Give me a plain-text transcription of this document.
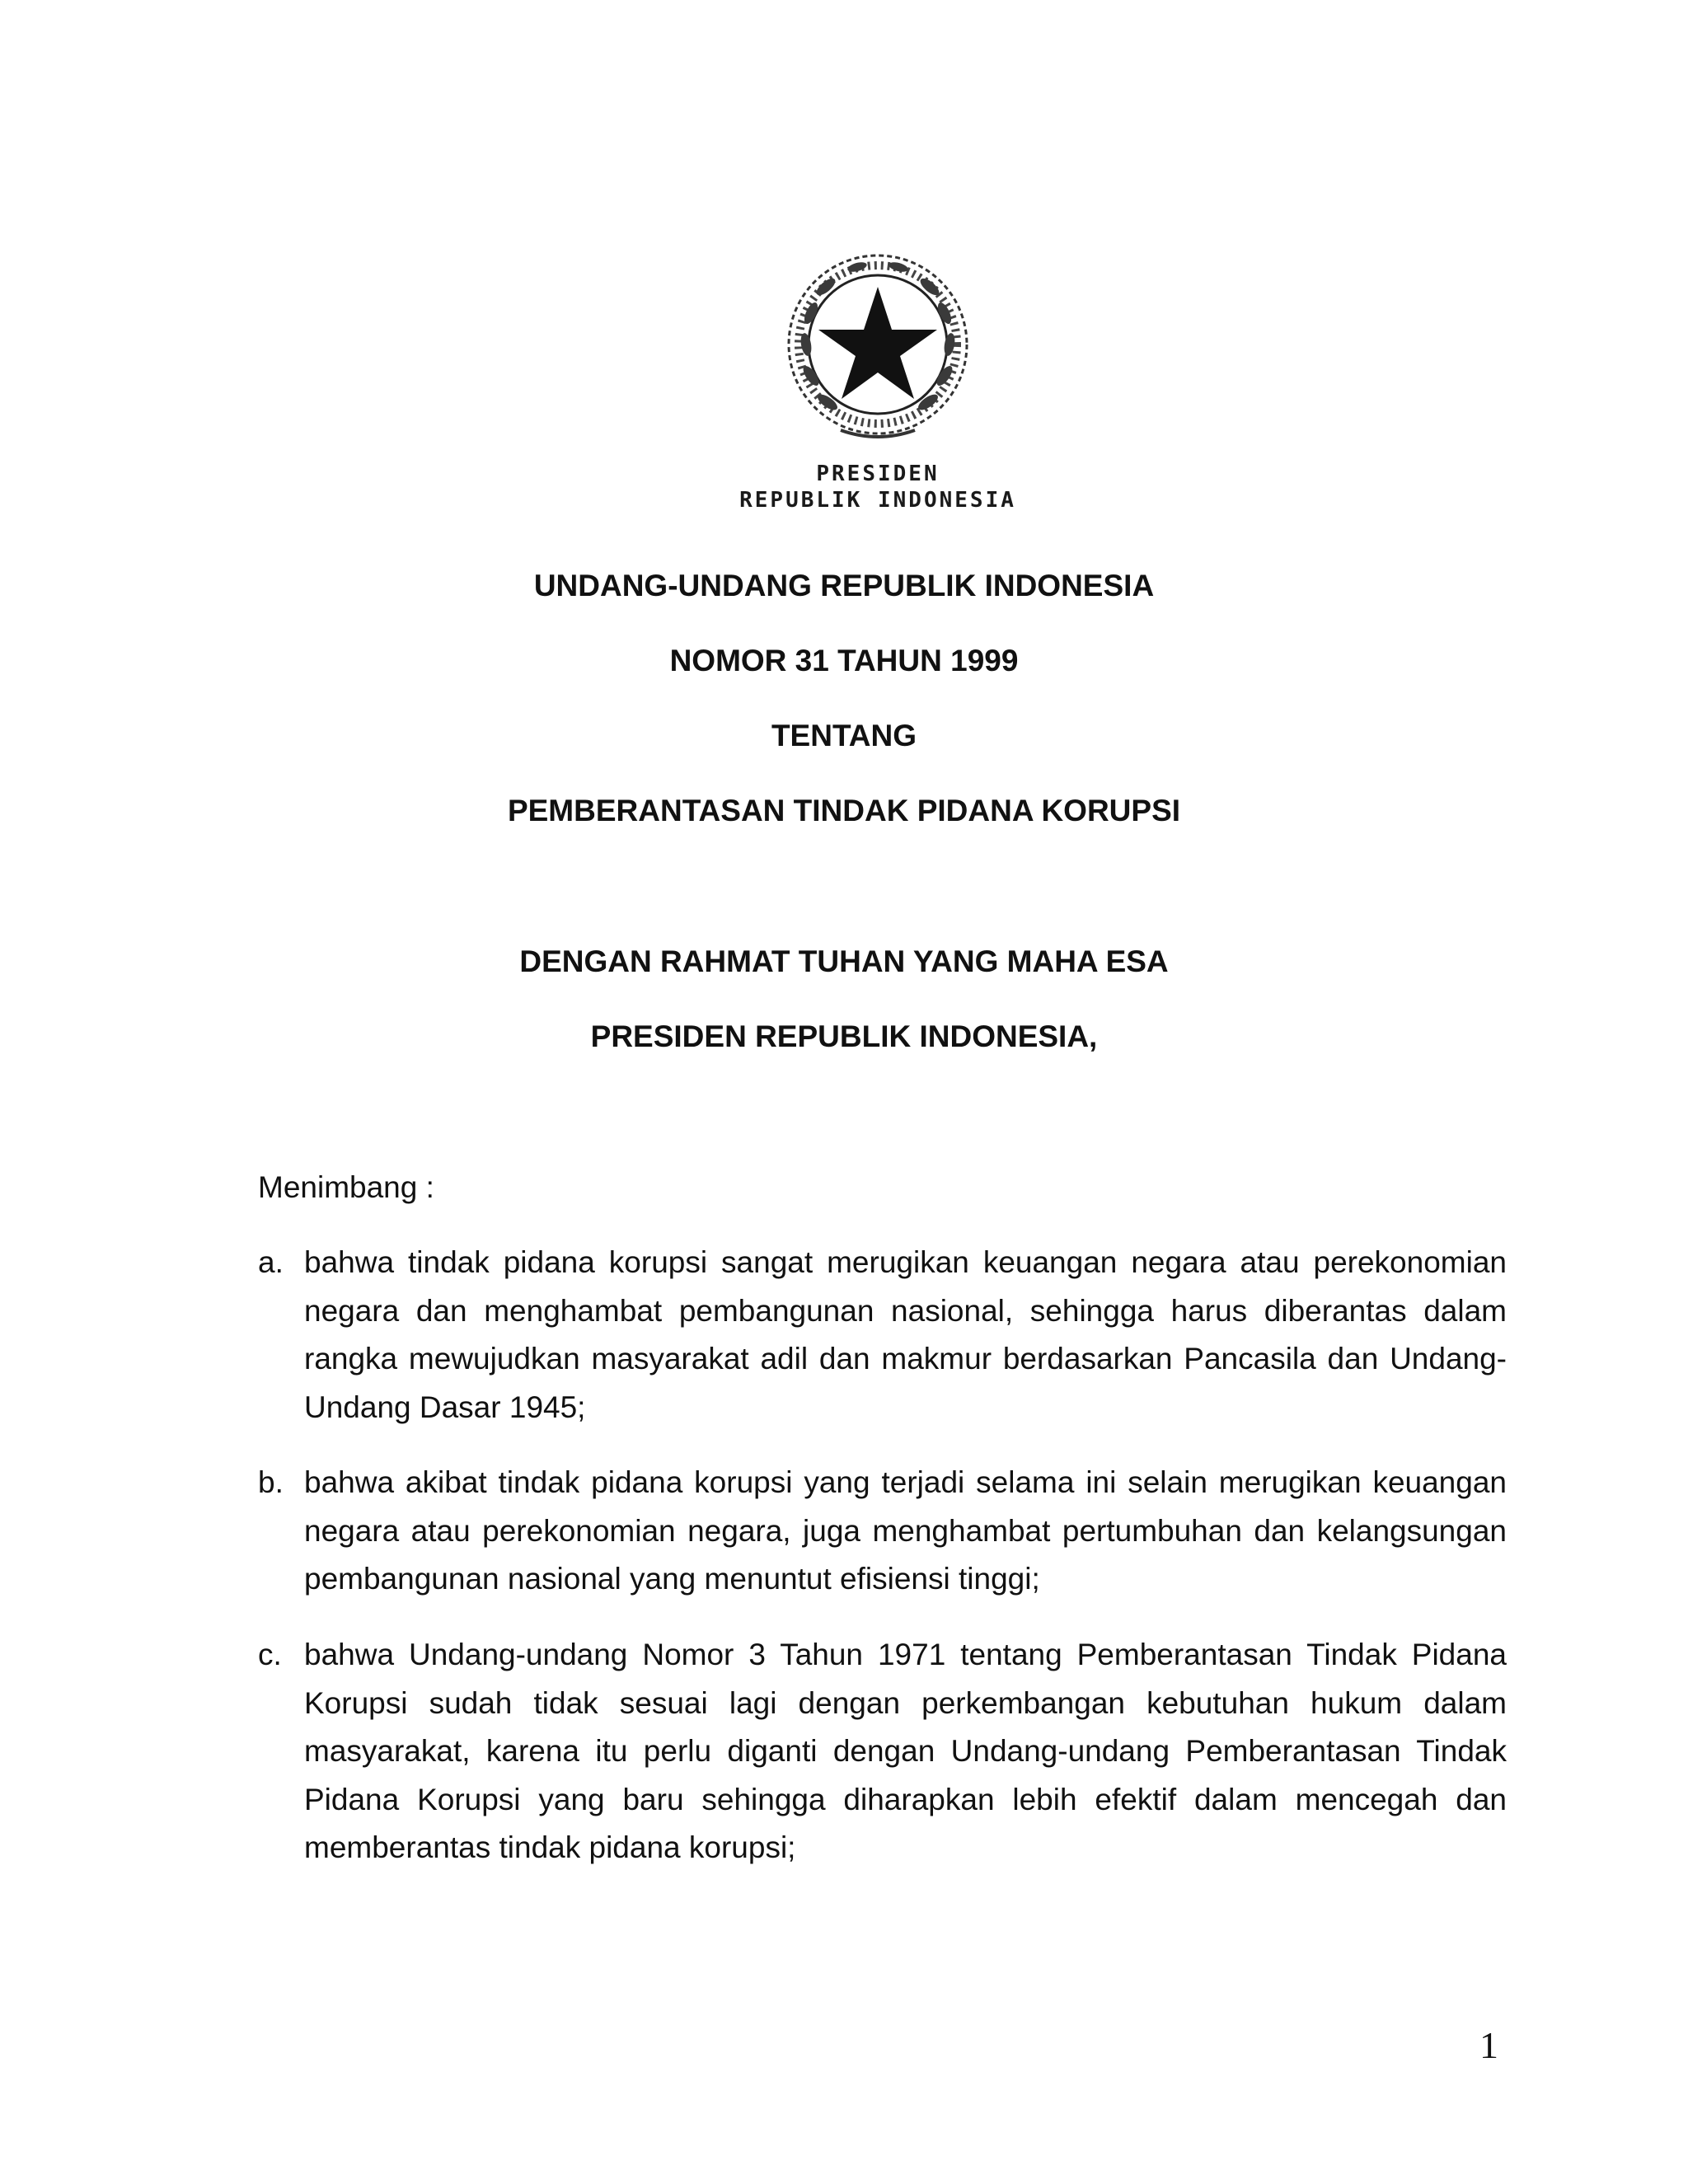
PRESIDEN
REPUBLIK INDONESIA
UNDANG-UNDANG REPUBLIK INDONESIA
NOMOR 31 TAHUN 1999
TENTANG
PEMBERANTASAN TINDAK PIDANA KORUPSI
DENGAN RAHMAT TUHAN YANG MAHA ESA
PRESIDEN REPUBLIK INDONESIA,
Menimbang :
a. bahwa tindak pidana korupsi sangat merugikan keuangan negara atau perekonomian negara dan menghambat pembangunan nasional, sehingga harus diberantas dalam rangka mewujudkan masyarakat adil dan makmur berdasarkan Pancasila dan Undang-Undang Dasar 1945;
b. bahwa akibat tindak pidana korupsi yang terjadi selama ini selain merugikan keuangan negara atau perekonomian negara, juga menghambat pertumbuhan dan kelangsungan pembangunan nasional yang menuntut efisiensi tinggi;
c. bahwa Undang-undang Nomor 3 Tahun 1971 tentang Pemberantasan Tindak Pidana Korupsi sudah tidak sesuai lagi dengan perkembangan kebutuhan hukum dalam masyarakat, karena itu perlu diganti dengan Undang-undang Pemberantasan Tindak Pidana Korupsi yang baru sehingga diharapkan lebih efektif dalam mencegah dan memberantas tindak pidana korupsi;
1
